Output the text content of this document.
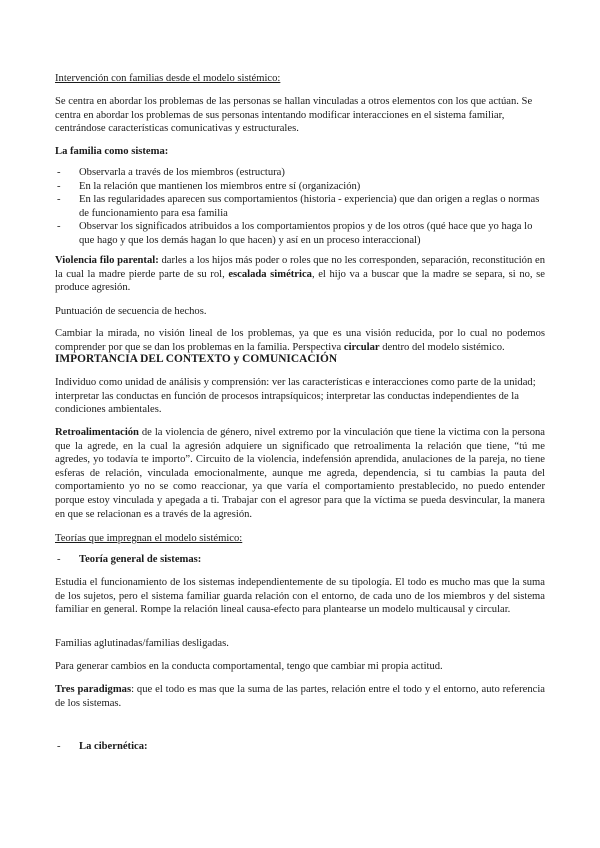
Intervención con familias desde el modelo sistémico:

Se centra en abordar los problemas de las personas se hallan vinculadas a otros elementos con los que actúan. Se centra en abordar los problemas de sus personas intentando modificar interacciones en el sistema familiar, centrándose características comunicativas y estructurales.

La familia como sistema:

- Observarla a través de los miembros (estructura)
- En la relación que mantienen los miembros entre sí (organización)
- En las regularidades aparecen sus comportamientos (historia - experiencia) que dan origen a reglas o normas de funcionamiento para esa familia
- Observar los significados atribuidos a los comportamientos propios y de los otros (qué hace que yo haga lo que hago y que los demás hagan lo que hacen) y así en un proceso interaccional)

Violencia filo parental: darles a los hijos más poder o roles que no les corresponden, separación, reconstitución en la cual la madre pierde parte de su rol, escalada simétrica, el hijo va a buscar que la madre se separa, si no, se produce agresión.

Puntuación de secuencia de hechos.

Cambiar la mirada, no visión lineal de los problemas, ya que es una visión reducida, por lo cual no podemos comprender por que se dan los problemas en la familia. Perspectiva circular dentro del modelo sistémico.

IMPORTANCIA DEL CONTEXTO y COMUNICACIÓN

Individuo como unidad de análisis y comprensión: ver las características e interacciones como parte de la unidad; interpretar las conductas en función de procesos intrapsíquicos; interpretar las conductas independientes de la condiciones ambientales.

Retroalimentación de la violencia de género, nivel extremo por la vinculación que tiene la victima con la persona que la agrede, en la cual la agresión adquiere un significado que retroalimenta la relación que tiene, “tú me agredes, yo todavía te importo”. Circuito de la violencia, indefensión aprendida, anulaciones de la pareja, no tiene esferas de relación, vinculada emocionalmente, aunque me agreda, dependencia, si tu cambias la pauta del comportamiento yo no se como reaccionar, ya que varía el comportamiento prestablecido, no puedo entender porque estoy vinculada y apegada a ti. Trabajar con el agresor para que la víctima se pueda desvincular, la manera en que se relacionan es a través de la agresión.

Teorías que impregnan el modelo sistémico:

- Teoría general de sistemas:

Estudia el funcionamiento de los sistemas independientemente de su tipología. El todo es mucho mas que la suma de los sujetos, pero el sistema familiar guarda relación con el entorno, de cada uno de los miembros y del sistema familiar en general. Rompe la relación lineal causa-efecto para plantearse un modelo multicausal y circular.

Familias aglutinadas/familias desligadas.

Para generar cambios en la conducta comportamental, tengo que cambiar mi propia actitud.

Tres paradigmas: que el todo es mas que la suma de las partes, relación entre el todo y el entorno, auto referencia de los sistemas.

- La cibernética:
